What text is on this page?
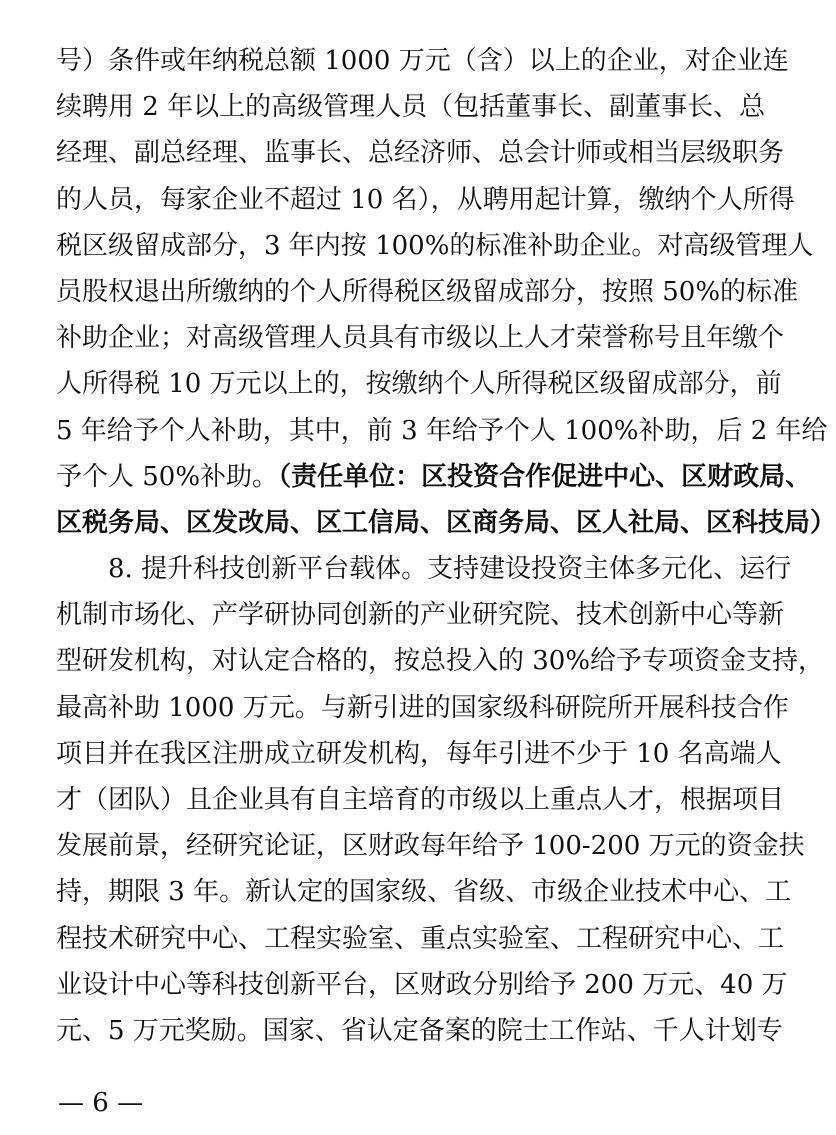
号）条件或年纳税总额 1000 万元（含）以上的企业，对企业连
续聘用 2 年以上的高级管理人员（包括董事长、副董事长、总
经理、副总经理、监事长、总经济师、总会计师或相当层级职务
的人员，每家企业不超过 10 名），从聘用起计算，缴纳个人所得
税区级留成部分，3 年内按 100%的标准补助企业。对高级管理人
员股权退出所缴纳的个人所得税区级留成部分，按照 50%的标准
补助企业；对高级管理人员具有市级以上人才荣誉称号且年缴个
人所得税 10 万元以上的，按缴纳个人所得税区级留成部分，前
5 年给予个人补助，其中，前 3 年给予个人 100%补助，后 2 年给
予个人 50%补助。（责任单位：区投资合作促进中心、区财政局、
区税务局、区发改局、区工信局、区商务局、区人社局、区科技局）
8. 提升科技创新平台载体。支持建设投资主体多元化、运行
机制市场化、产学研协同创新的产业研究院、技术创新中心等新
型研发机构，对认定合格的，按总投入的 30%给予专项资金支持，
最高补助 1000 万元。与新引进的国家级科研院所开展科技合作
项目并在我区注册成立研发机构，每年引进不少于 10 名高端人
才（团队）且企业具有自主培育的市级以上重点人才，根据项目
发展前景，经研究论证，区财政每年给予 100-200 万元的资金扶
持，期限 3 年。新认定的国家级、省级、市级企业技术中心、工
程技术研究中心、工程实验室、重点实验室、工程研究中心、工
业设计中心等科技创新平台，区财政分别给予 200 万元、40 万
元、5 万元奖励。国家、省认定备案的院士工作站、千人计划专
— 6 —
